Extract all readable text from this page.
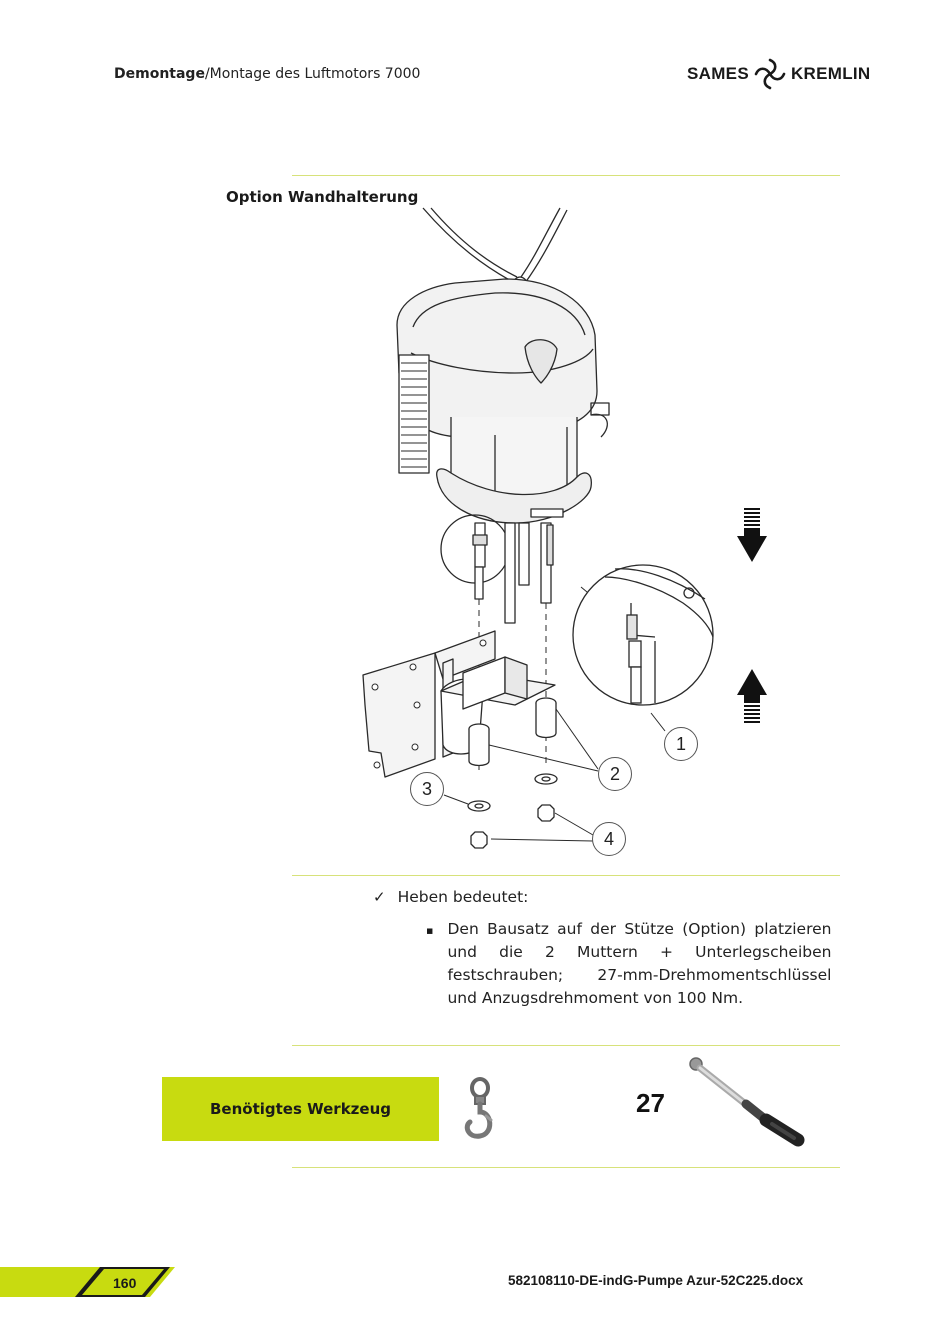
Demontage/Montage des Luftmotors 7000	SAMES KREMLIN
Option Wandhalterung
1
2
3
4
✓ Heben bedeutet:
▪ Den Bausatz auf der Stütze (Option) platzieren und die 2 Muttern + Unterlegscheiben festschrauben; 27-mm-Drehmomentschlüssel und Anzugsdrehmoment von 100 Nm.
Benötigtes Werkzeug	27
160	582108110-DE-indG-Pumpe Azur-52C225.docx
